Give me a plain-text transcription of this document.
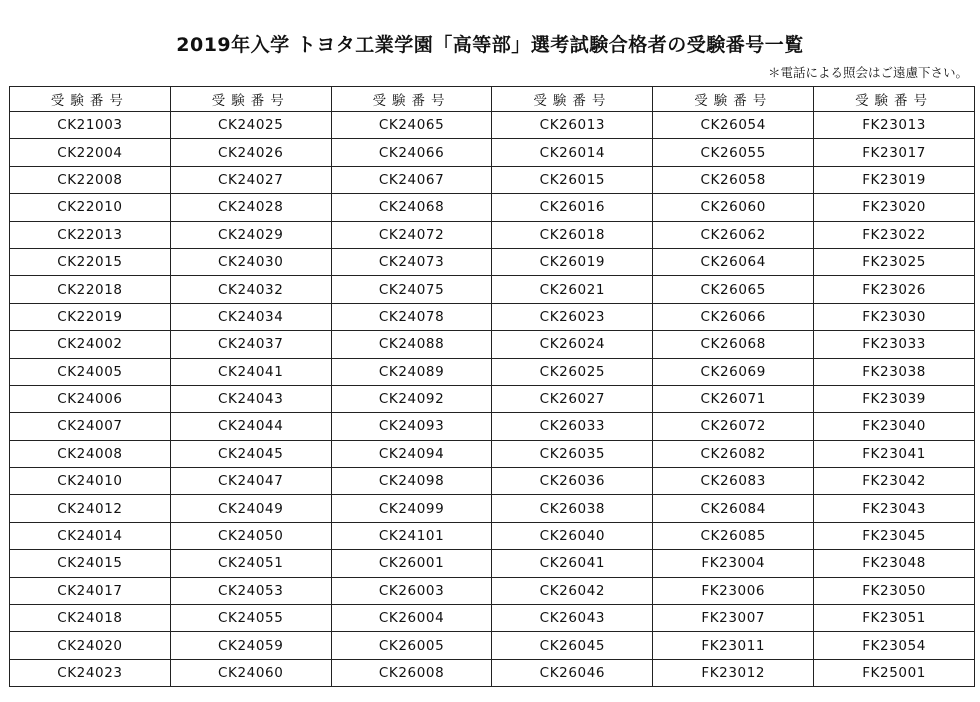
2019年入学 トヨタ工業学園「高等部」選考試験合格者の受験番号一覧
＊電話による照会はご遠慮下さい。
受験番号	受験番号	受験番号	受験番号	受験番号	受験番号
CK21003	CK24025	CK24065	CK26013	CK26054	FK23013
CK22004	CK24026	CK24066	CK26014	CK26055	FK23017
CK22008	CK24027	CK24067	CK26015	CK26058	FK23019
CK22010	CK24028	CK24068	CK26016	CK26060	FK23020
CK22013	CK24029	CK24072	CK26018	CK26062	FK23022
CK22015	CK24030	CK24073	CK26019	CK26064	FK23025
CK22018	CK24032	CK24075	CK26021	CK26065	FK23026
CK22019	CK24034	CK24078	CK26023	CK26066	FK23030
CK24002	CK24037	CK24088	CK26024	CK26068	FK23033
CK24005	CK24041	CK24089	CK26025	CK26069	FK23038
CK24006	CK24043	CK24092	CK26027	CK26071	FK23039
CK24007	CK24044	CK24093	CK26033	CK26072	FK23040
CK24008	CK24045	CK24094	CK26035	CK26082	FK23041
CK24010	CK24047	CK24098	CK26036	CK26083	FK23042
CK24012	CK24049	CK24099	CK26038	CK26084	FK23043
CK24014	CK24050	CK24101	CK26040	CK26085	FK23045
CK24015	CK24051	CK26001	CK26041	FK23004	FK23048
CK24017	CK24053	CK26003	CK26042	FK23006	FK23050
CK24018	CK24055	CK26004	CK26043	FK23007	FK23051
CK24020	CK24059	CK26005	CK26045	FK23011	FK23054
CK24023	CK24060	CK26008	CK26046	FK23012	FK25001
